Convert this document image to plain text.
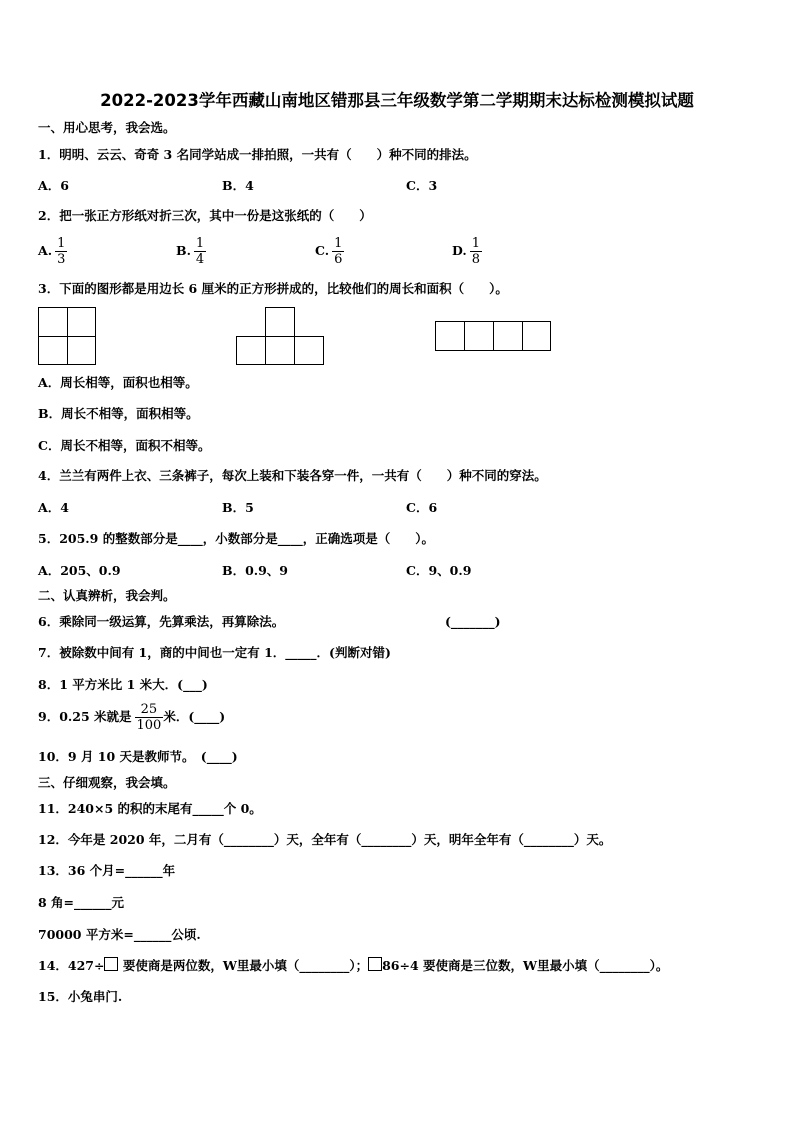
2022-2023学年西藏山南地区错那县三年级数学第二学期期末达标检测模拟试题
一、用心思考，我会选。
1．明明、云云、奇奇 3 名同学站成一排拍照，一共有（　　）种不同的排法。
A．6	B．4	C．3
2．把一张正方形纸对折三次，其中一份是这张纸的（　　）
A. $\frac{1}{3}$	B. $\frac{1}{4}$	C. $\frac{1}{6}$	D. $\frac{1}{8}$
3．下面的图形都是用边长 6 厘米的正方形拼成的，比较他们的周长和面积（　　）。
A．周长相等，面积也相等。
B．周长不相等，面积相等。
C．周长不相等，面积不相等。
4．兰兰有两件上衣、三条裤子，每次上装和下装各穿一件，一共有（　　）种不同的穿法。
A．4	B．5	C．6
5．205.9 的整数部分是____，小数部分是____，正确选项是（　　）。
A．205、0.9	B．0.9、9	C．9、0.9
二、认真辨析，我会判。
6．乘除同一级运算，先算乘法，再算除法。	(_______)
7．被除数中间有 1，商的中间也一定有 1．_____．(判断对错)
8．1 平方米比 1 米大．(___)
9．0.25 米就是 $\frac{25}{100}$ 米．(____)
10．9 月 10 天是教师节。　(____)
三、仔细观察，我会填。
11．240×5 的积的末尾有_____个 0。
12．今年是 2020 年，二月有（________）天，全年有（________）天，明年全年有（________）天。
13．36 个月=______年
8 角=______元
70000 平方米=______公顷.
14．427÷ 要使商是两位数，W里最小填（________）； 86÷4 要使商是三位数，W里最小填（________）。
15．小兔串门.
